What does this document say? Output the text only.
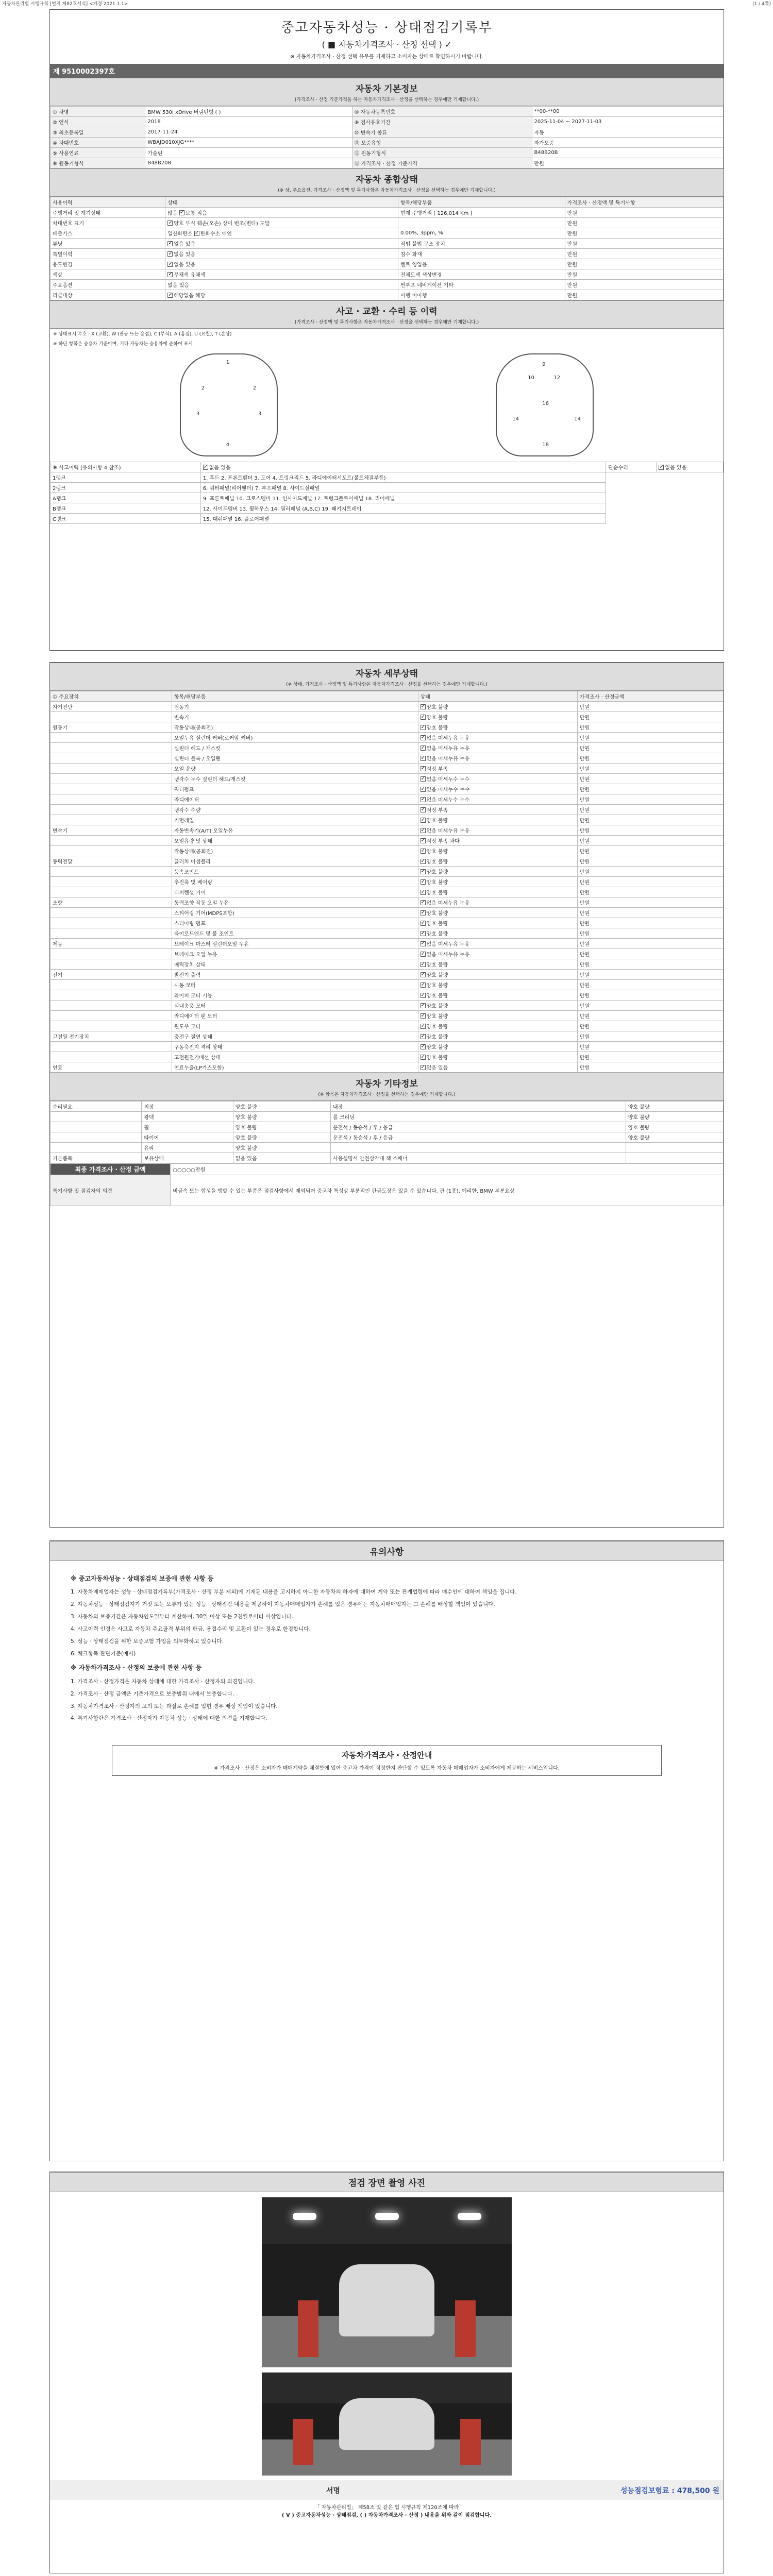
자동차관리법 시행규칙 [별지 제82호서식] <개정 2021.1.1>	(1 / 4쪽)
중고자동차성능 · 상태점검기록부
( ■ 자동차가격조사 · 산정 선택 ) ✓
※ 자동차가격조사 · 산정 선택 유무를 기재하고 소비자는 상태로 확인하시기 바랍니다.
제 9510002397호
자동차 기본정보
(가격조사 · 산정 기준가격을 하는 자동차가격조사 · 산정을 선택하는 경우에만 기재합니다.)
① 차명	BMW 530i xDrive 버림턴형 ( )	⑧ 자동차등록번호	**00-**00
② 연식	2018	⑨ 검사유효기간	2025-11-04 ~ 2027-11-03
③ 최초등록일	2017-11-24	⑩ 변속기 종류	자동
④ 차대번호	WBAJD010XJG****	⑪ 보증유형	자가보증
⑤ 사용연료	가솔린	⑫ 원동기형식	B48B20B
⑥ 원동기형식	B48B20B	⑬ 가격조사 · 산정 기준가격	만원
자동차 종합상태
(※ 상, 주요옵션, 가격조사 · 산정액 및 특기사항은 자동차가격조사 · 산정을 선택하는 경우에만 기재합니다.)
사용이력	상태	항목/해당부품	가격조사 · 산정액 및 특기사항
주행거리 및 계기상태	많음 ✓보통 적음	현재 주행거리 [ 126,014 Km ]	만원
차대번호 표기	✓양호 부식 훼손(오손) 상이 변조(변타) 도말		만원
배출가스	일산화탄소 ✓탄화수소 매연	0.00%, 3ppm, %	만원
튜닝	✓없음 있음	적법 불법 구조 장치	만원
특별이력	✓없음 있음	침수 화재	만원
용도변경	✓없음 있음	렌트 영업용	만원
색상	✓무채색 유채색	전체도색 색상변경	만원
주요옵션	없음 있음	썬루프 네비게이션 기타	만원
리콜대상	✓해당없음 해당	이행 미이행	만원
사고 · 교환 · 수리 등 이력
(가격조사 · 산정액 및 특기사항은 자동차가격조사 · 산정을 선택하는 경우에만 기재합니다.)
※ 상태표시 부호 : X (교환), W (판금 또는 용접), C (부식), A (흠집), U (요철), T (손상)
※ 하단 항목은 승용차 기준이며, 기타 자동차는 승용차에 준하여 표시
1
2	2
3	3
4
9
10	12
16
14	14
18
⑨ 사고이력 (유의사항 4 참조)	✓없음 있음	단순수리	✓없음 있음
1랭크	1. 후드 2. 프론트휀더 3. 도어 4. 트렁크리드 5. 라디에이터서포트(볼트체결부품)		
2랭크	6. 쿼터패널(리어휀더) 7. 루프패널 8. 사이드실패널		
A랭크	9. 프론트패널 10. 크로스멤버 11. 인사이드패널 17. 트렁크플로어패널 18. 리어패널		
B랭크	12. 사이드멤버 13. 휠하우스 14. 필러패널 (A,B,C) 19. 패키지트레이		
C랭크	15. 대쉬패널 16. 플로어패널		
자동차 세부상태
(※ 상태, 가격조사 · 산정액 및 특기사항은 자동차가격조사 · 산정을 선택하는 경우에만 기재합니다.)
① 주요장치	항목/해당부품	상태	가격조사 · 산정금액
자기진단	원동기	✓양호 불량	만원
	변속기	✓양호 불량	만원
원동기	작동상태(공회전)	✓양호 불량	만원
	오일누유 실린더 커버(로커암 커버)	✓없음 미세누유 누유	만원
	실린더 헤드 / 개스킷	✓없음 미세누유 누유	만원
	실린더 블록 / 오일팬	✓없음 미세누유 누유	만원
	오일 유량	✓적정 부족	만원
	냉각수 누수 실린더 헤드/개스킷	✓없음 미세누수 누수	만원
	워터펌프	✓없음 미세누수 누수	만원
	라디에이터	✓없음 미세누수 누수	만원
	냉각수 수량	✓적정 부족	만원
	커먼레일	✓양호 불량	만원
변속기	자동변속기(A/T) 오일누유	✓없음 미세누유 누유	만원
	오일유량 및 상태	✓적정 부족 과다	만원
	작동상태(공회전)	✓양호 불량	만원
동력전달	클러치 어셈블리	✓양호 불량	만원
	등속조인트	✓양호 불량	만원
	추진축 및 베어링	✓양호 불량	만원
	디퍼렌셜 기어	✓양호 불량	만원
조향	동력조향 작동 오일 누유	✓없음 미세누유 누유	만원
	스티어링 기어(MDPS포함)	✓양호 불량	만원
	스티어링 펌프	✓양호 불량	만원
	타이로드엔드 및 볼 조인트	✓양호 불량	만원
제동	브레이크 마스터 실린더오일 누유	✓없음 미세누유 누유	만원
	브레이크 오일 누유	✓없음 미세누유 누유	만원
	배력장치 상태	✓양호 불량	만원
전기	발전기 출력	✓양호 불량	만원
	시동 모터	✓양호 불량	만원
	와이퍼 모터 기능	✓양호 불량	만원
	실내송풍 모터	✓양호 불량	만원
	라디에이터 팬 모터	✓양호 불량	만원
	윈도우 모터	✓양호 불량	만원
고전원 전기장치	충전구 절연 상태	✓양호 불량	만원
	구동축전지 격리 상태	✓양호 불량	만원
	고전원전기배선 상태	✓양호 불량	만원
연료	연료누출(LP가스포함)	✓없음 있음	만원
자동차 기타정보
(※ 항목은 자동차가격조사 · 산정을 선택하는 경우에만 기재합니다.)
수리필요	외장	양호 불량	내장	양호 불량
	광택	양호 불량	룸 크리닝	양호 불량
	휠	양호 불량	운전석 / 동승석 / 후 / 응급	양호 불량
	타이어	양호 불량	운전석 / 동승석 / 후 / 응급	양호 불량
	유리	양호 불량		
기본품목	보유상태	없음 있음	사용설명서 안전삼각대 잭 스패너	
최종 가격조사 · 산정 금액	○○○○○만원
특기사항 및 점검자의 의견	비금속 또는 합성을 행할 수 있는 부품은 점검사항에서 제외되어 중고차 특성상 부분적인 판금도장은 있을 수 있습니다. 관 (1종), 예리한, BMW 부분요상
유의사항
※ 중고자동차성능 · 상태점검의 보증에 관한 사항 등

1. 자동차매매업자는 성능 · 상태점검기록부(가격조사 · 산정 부분 제외)에 기재된 내용을 고지하지 아니한 자동차의 하자에 대하여 계약 또는 관계법령에 따라 매수인에 대하여 책임을 집니다.

2. 자동차성능 · 상태점검자가 거짓 또는 오류가 있는 성능 · 상태점검 내용을 제공하여 자동차매매업자가 손해를 입은 경우에는 자동차매매업자는 그 손해를 배상할 책임이 있습니다.

3. 자동차의 보증기간은 자동차인도일부터 계산하며, 30일 이상 또는 2천킬로미터 이상입니다.

4. 사고이력 인정은 사고로 자동차 주요골격 부위의 판금, 용접수리 및 교환이 있는 경우로 한정합니다.

5. 성능 · 상태점검을 위한 보증보험 가입을 의무화하고 있습니다.

6. 체크항목 판단기준(예시)

※ 자동차가격조사 · 산정의 보증에 관한 사항 등

1. 가격조사 · 산정가격은 자동차 상태에 대한 가격조사 · 산정자의 의견입니다.

2. 가격조사 · 산정 금액은 기준가격으로 보증범위 내에서 보증합니다.

3. 자동차가격조사 · 산정자의 고의 또는 과실로 손해를 입힌 경우 배상 책임이 있습니다.

4. 특기사항란은 가격조사 · 산정자가 자동차 성능 · 상태에 대한 의견을 기재합니다.

자동차가격조사 · 산정안내
※ 가격조사 · 산정은 소비자가 매매계약을 체결함에 있어 중고차 가격이 적정한지 판단할 수 있도록 자동차 매매업자가 소비자에게 제공하는 서비스입니다.
점검 장면 촬영 사진
서명	성능점검보험료 : 478,500 원
「 자동차관리법」 제58조 및 같은 법 시행규칙 제120조에 따라
( V ) 중고자동차성능 · 상태점검, ( ) 자동차가격조사 · 산정 ) 내용을 위와 같이 점검합니다.
